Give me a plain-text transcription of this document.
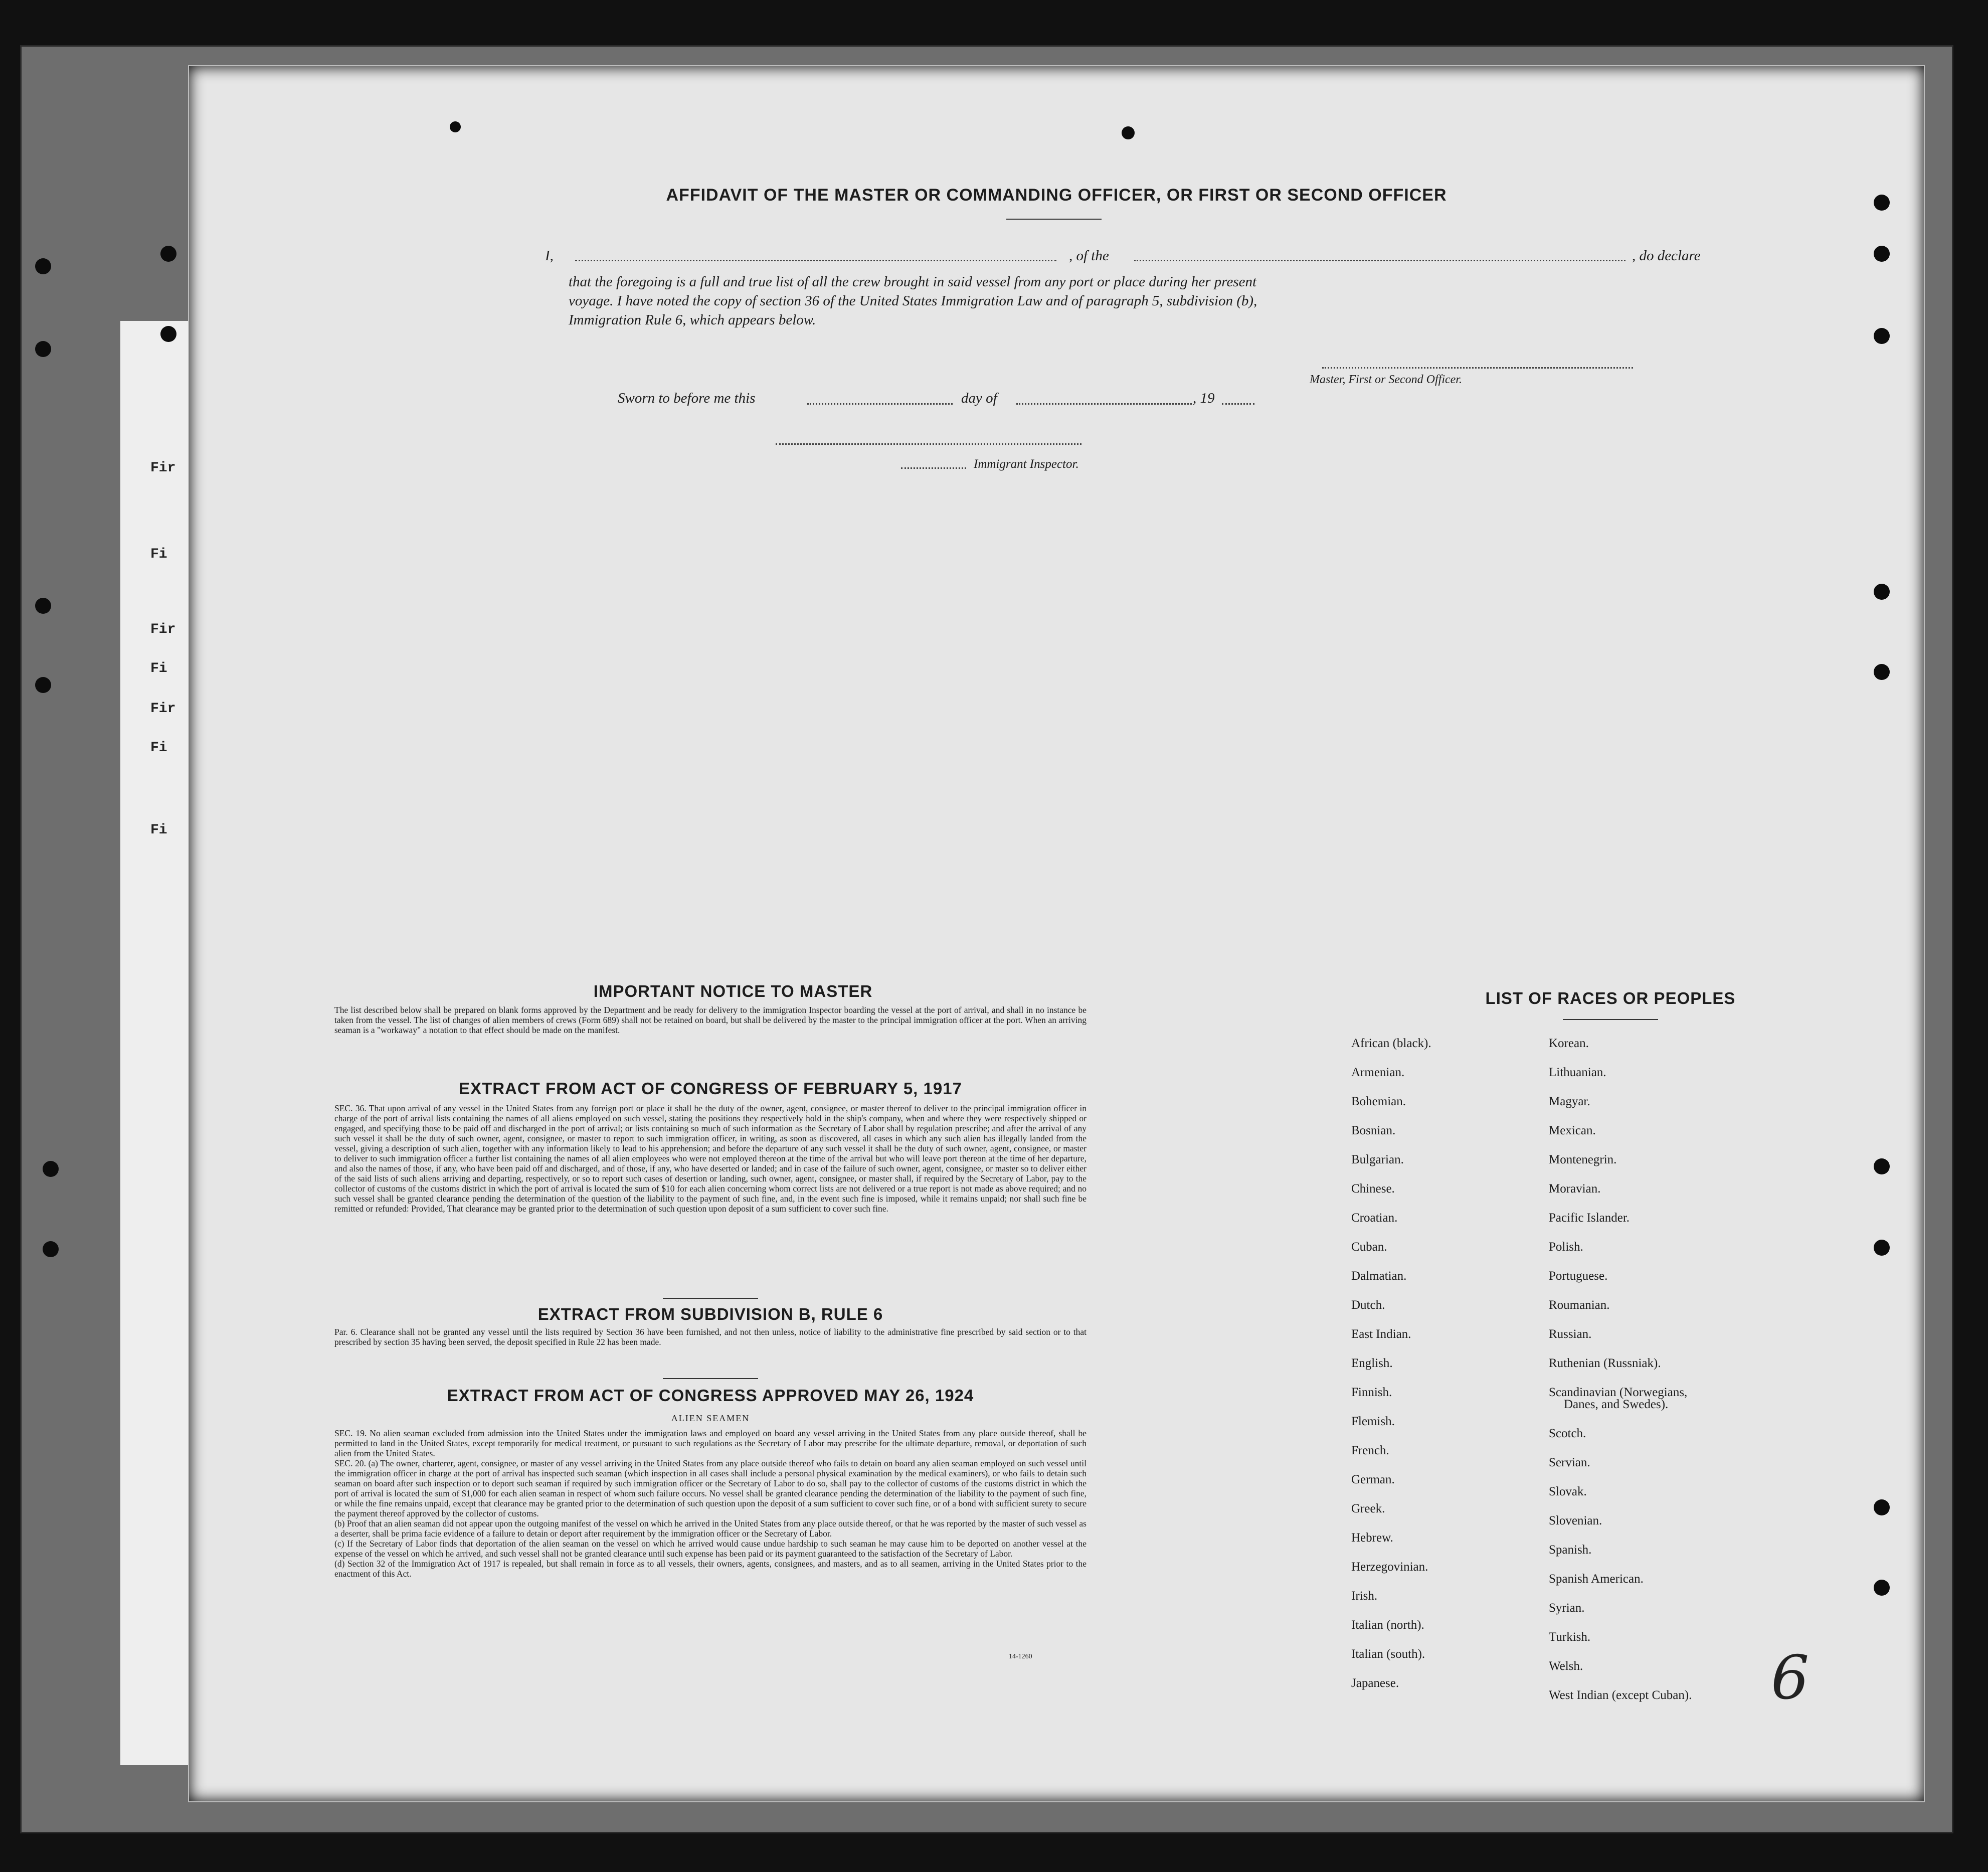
Fir
Fi
Fir
Fi
Fir
Fi
Fi
AFFIDAVIT OF THE MASTER OR COMMANDING OFFICER, OR FIRST OR SECOND OFFICER
I,	, of the	, do declare
that the foregoing is a full and true list of all the crew brought in said vessel from any port or place during her present
voyage. I have noted the copy of section 36 of the United States Immigration Law and of paragraph 5, subdivision (b),
Immigration Rule 6, which appears below.
Master, First or Second Officer.
Sworn to before me this	day of	, 19
Immigrant Inspector.
IMPORTANT NOTICE TO MASTER
The list described below shall be prepared on blank forms approved by the Department and be ready for delivery to the immigration Inspector boarding the vessel at the port of arrival, and shall in no instance be taken from the vessel. The list of changes of alien members of crews (Form 689) shall not be retained on board, but shall be delivered by the master to the principal immigration officer at the port. When an arriving seaman is a "workaway" a notation to that effect should be made on the manifest.
EXTRACT FROM ACT OF CONGRESS OF FEBRUARY 5, 1917
SEC. 36. That upon arrival of any vessel in the United States from any foreign port or place it shall be the duty of the owner, agent, consignee, or master thereof to deliver to the principal immigration officer in charge of the port of arrival lists containing the names of all aliens employed on such vessel, stating the positions they respectively hold in the ship's company, when and where they were respectively shipped or engaged, and specifying those to be paid off and discharged in the port of arrival; or lists containing so much of such information as the Secretary of Labor shall by regulation prescribe; and after the arrival of any such vessel it shall be the duty of such owner, agent, consignee, or master to report to such immigration officer, in writing, as soon as discovered, all cases in which any such alien has illegally landed from the vessel, giving a description of such alien, together with any information likely to lead to his apprehension; and before the departure of any such vessel it shall be the duty of such owner, agent, consignee, or master to deliver to such immigration officer a further list containing the names of all alien employees who were not employed thereon at the time of the arrival but who will leave port thereon at the time of her departure, and also the names of those, if any, who have been paid off and discharged, and of those, if any, who have deserted or landed; and in case of the failure of such owner, agent, consignee, or master so to deliver either of the said lists of such aliens arriving and departing, respectively, or so to report such cases of desertion or landing, such owner, agent, consignee, or master shall, if required by the Secretary of Labor, pay to the collector of customs of the customs district in which the port of arrival is located the sum of $10 for each alien concerning whom correct lists are not delivered or a true report is not made as above required; and no such vessel shall be granted clearance pending the determination of the question of the liability to the payment of such fine, and, in the event such fine is imposed, while it remains unpaid; nor shall such fine be remitted or refunded: Provided, That clearance may be granted prior to the determination of such question upon deposit of a sum sufficient to cover such fine.
EXTRACT FROM SUBDIVISION B, RULE 6
Par. 6. Clearance shall not be granted any vessel until the lists required by Section 36 have been furnished, and not then unless, notice of liability to the administrative fine prescribed by said section or to that prescribed by section 35 having been served, the deposit specified in Rule 22 has been made.
EXTRACT FROM ACT OF CONGRESS APPROVED MAY 26, 1924
ALIEN SEAMEN

SEC. 19. No alien seaman excluded from admission into the United States under the immigration laws and employed on board any vessel arriving in the United States from any place outside thereof, shall be permitted to land in the United States, except temporarily for medical treatment, or pursuant to such regulations as the Secretary of Labor may prescribe for the ultimate departure, removal, or deportation of such alien from the United States.

SEC. 20. (a) The owner, charterer, agent, consignee, or master of any vessel arriving in the United States from any place outside thereof who fails to detain on board any alien seaman employed on such vessel until the immigration officer in charge at the port of arrival has inspected such seaman (which inspection in all cases shall include a personal physical examination by the medical examiners), or who fails to detain such seaman on board after such inspection or to deport such seaman if required by such immigration officer or the Secretary of Labor to do so, shall pay to the collector of customs of the customs district in which the port of arrival is located the sum of $1,000 for each alien seaman in respect of whom such failure occurs. No vessel shall be granted clearance pending the determination of the liability to the payment of such fine, or while the fine remains unpaid, except that clearance may be granted prior to the determination of such question upon the deposit of a sum sufficient to cover such fine, or of a bond with sufficient surety to secure the payment thereof approved by the collector of customs.

(b) Proof that an alien seaman did not appear upon the outgoing manifest of the vessel on which he arrived in the United States from any place outside thereof, or that he was reported by the master of such vessel as a deserter, shall be prima facie evidence of a failure to detain or deport after requirement by the immigration officer or the Secretary of Labor.

(c) If the Secretary of Labor finds that deportation of the alien seaman on the vessel on which he arrived would cause undue hardship to such seaman he may cause him to be deported on another vessel at the expense of the vessel on which he arrived, and such vessel shall not be granted clearance until such expense has been paid or its payment guaranteed to the satisfaction of the Secretary of Labor.

(d) Section 32 of the Immigration Act of 1917 is repealed, but shall remain in force as to all vessels, their owners, agents, consignees, and masters, and as to all seamen, arriving in the United States prior to the enactment of this Act.

14-1260
LIST OF RACES OR PEOPLES
African (black).
Armenian.
Bohemian.
Bosnian.
Bulgarian.
Chinese.
Croatian.
Cuban.
Dalmatian.
Dutch.
East Indian.
English.
Finnish.
Flemish.
French.
German.
Greek.
Hebrew.
Herzegovinian.
Irish.
Italian (north).
Italian (south).
Japanese.
Korean.
Lithuanian.
Magyar.
Mexican.
Montenegrin.
Moravian.
Pacific Islander.
Polish.
Portuguese.
Roumanian.
Russian.
Ruthenian (Russniak).
Scandinavian (Norwegians,
Danes, and Swedes).
Scotch.
Servian.
Slovak.
Slovenian.
Spanish.
Spanish American.
Syrian.
Turkish.
Welsh.
West Indian (except Cuban). 6
